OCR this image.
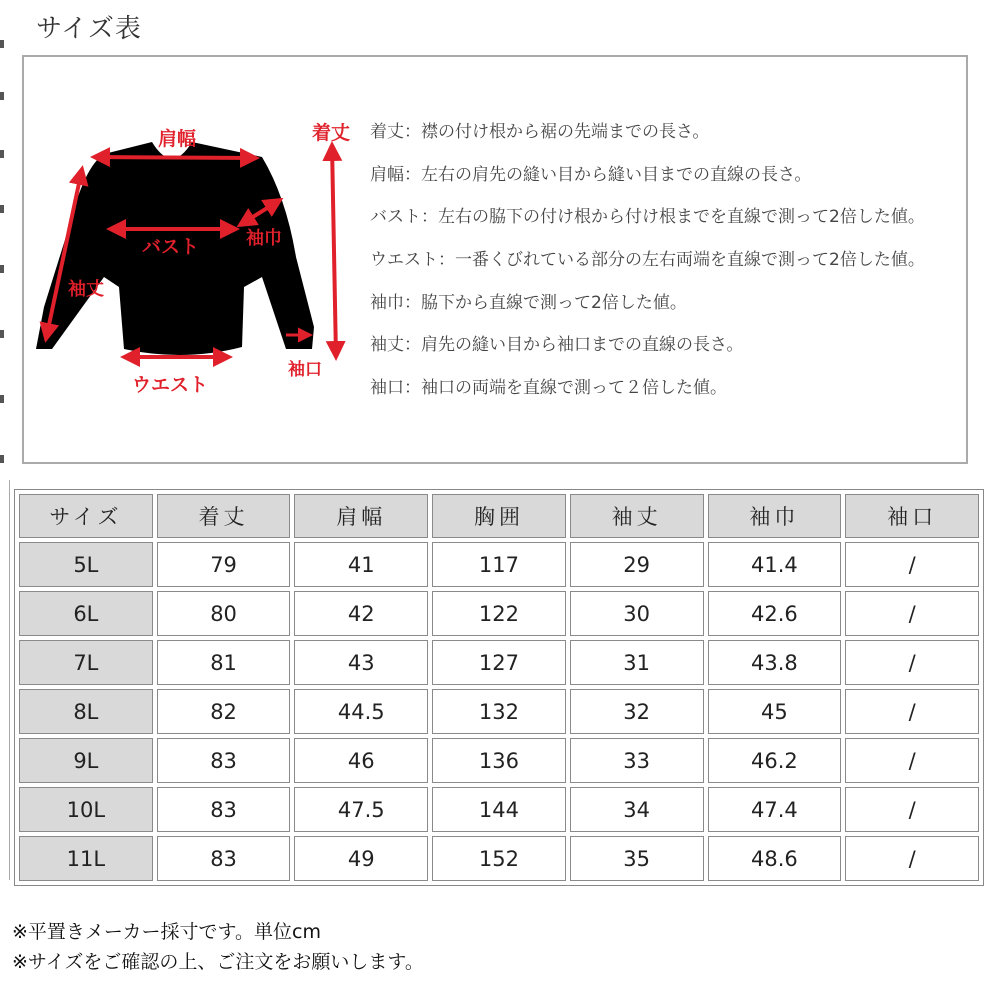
サイズ表
肩幅	着丈
バスト	袖巾
袖丈
袖口
ウエスト
着丈：襟の付け根から裾の先端までの長さ。
肩幅：左右の肩先の縫い目から縫い目までの直線の長さ。
バスト：左右の脇下の付け根から付け根までを直線で測って2倍した値。
ウエスト：一番くびれている部分の左右両端を直線で測って2倍した値。
袖巾：脇下から直線で測って2倍した値。
袖丈：肩先の縫い目から袖口までの直線の長さ。
袖口：袖口の両端を直線で測って２倍した値。
サイズ	着丈	肩幅	胸囲	袖丈	袖巾	袖口
5L	79	41	117	29	41.4	/
6L	80	42	122	30	42.6	/
7L	81	43	127	31	43.8	/
8L	82	44.5	132	32	45	/
9L	83	46	136	33	46.2	/
10L	83	47.5	144	34	47.4	/
11L	83	49	152	35	48.6	/
※平置きメーカー採寸です。単位cm
※サイズをご確認の上、ご注文をお願いします。
